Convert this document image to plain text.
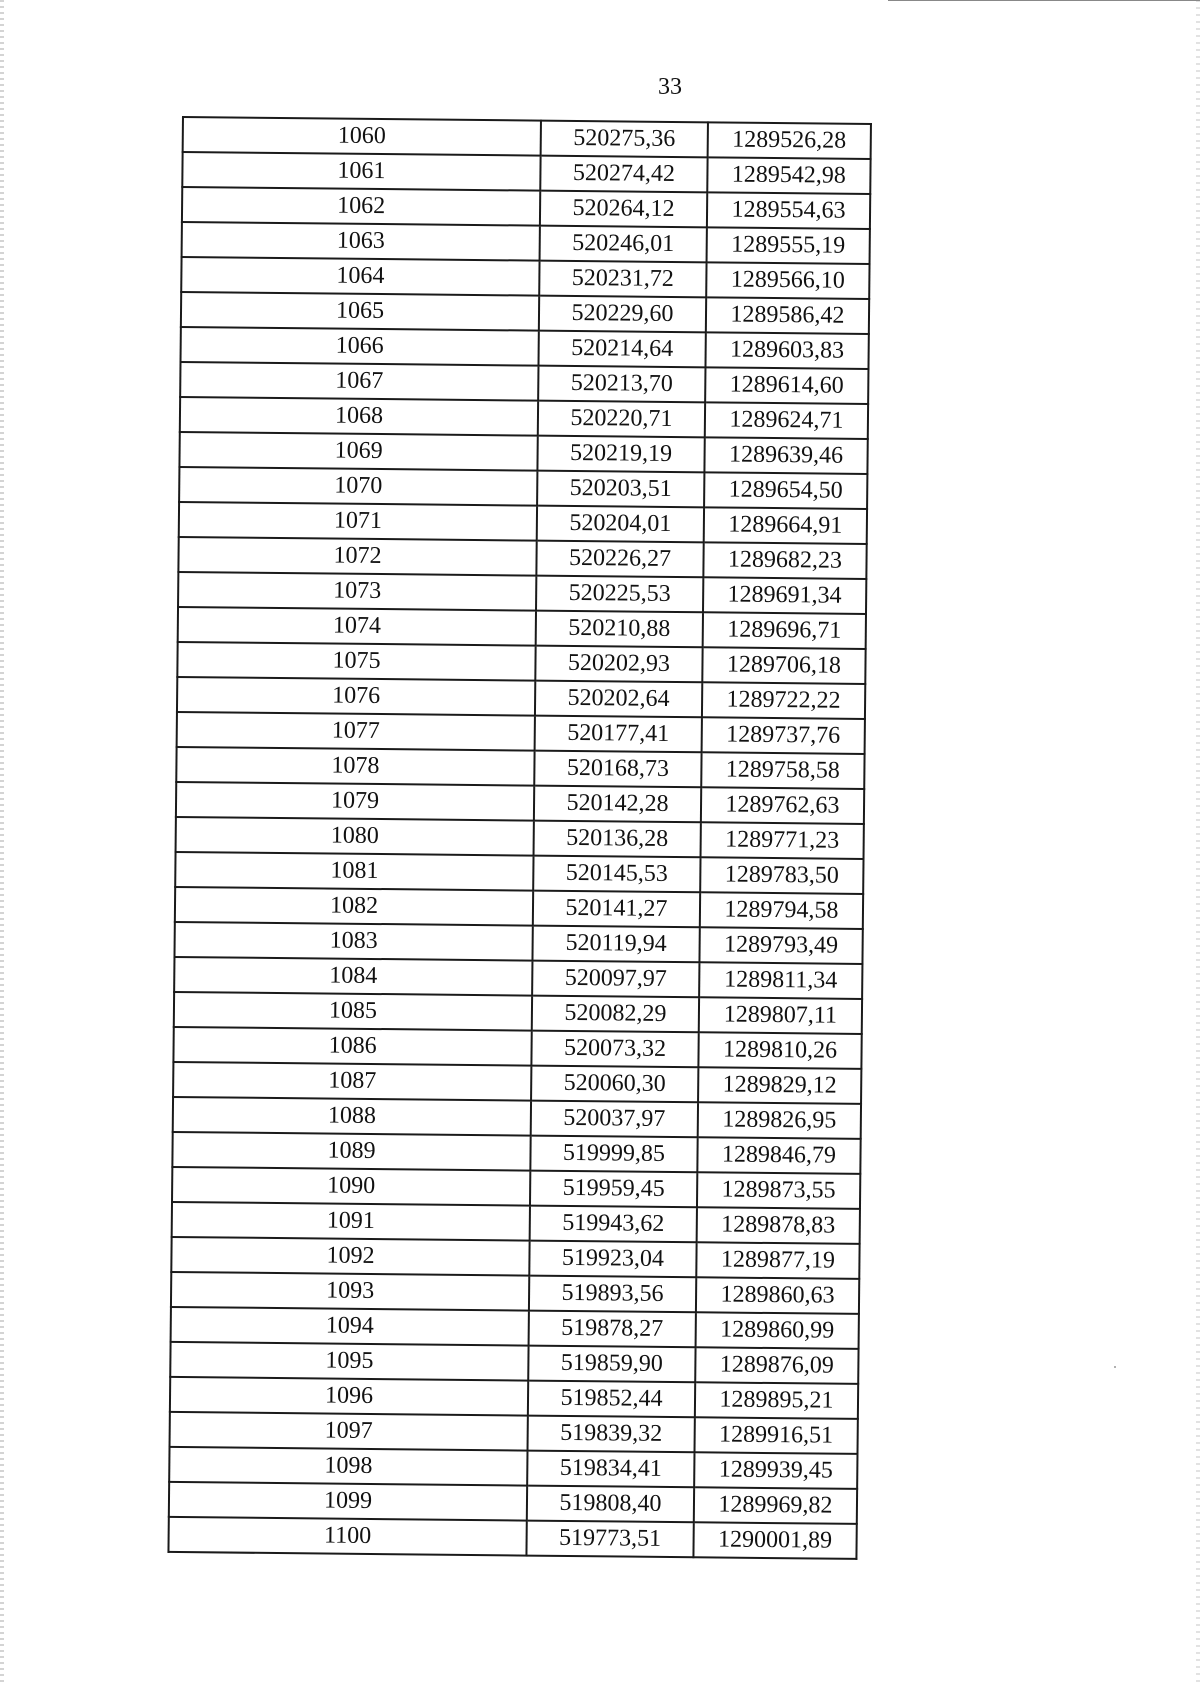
33
1060	520275,36	1289526,28
1061	520274,42	1289542,98
1062	520264,12	1289554,63
1063	520246,01	1289555,19
1064	520231,72	1289566,10
1065	520229,60	1289586,42
1066	520214,64	1289603,83
1067	520213,70	1289614,60
1068	520220,71	1289624,71
1069	520219,19	1289639,46
1070	520203,51	1289654,50
1071	520204,01	1289664,91
1072	520226,27	1289682,23
1073	520225,53	1289691,34
1074	520210,88	1289696,71
1075	520202,93	1289706,18
1076	520202,64	1289722,22
1077	520177,41	1289737,76
1078	520168,73	1289758,58
1079	520142,28	1289762,63
1080	520136,28	1289771,23
1081	520145,53	1289783,50
1082	520141,27	1289794,58
1083	520119,94	1289793,49
1084	520097,97	1289811,34
1085	520082,29	1289807,11
1086	520073,32	1289810,26
1087	520060,30	1289829,12
1088	520037,97	1289826,95
1089	519999,85	1289846,79
1090	519959,45	1289873,55
1091	519943,62	1289878,83
1092	519923,04	1289877,19
1093	519893,56	1289860,63
1094	519878,27	1289860,99
1095	519859,90	1289876,09
1096	519852,44	1289895,21
1097	519839,32	1289916,51
1098	519834,41	1289939,45
1099	519808,40	1289969,82
1100	519773,51	1290001,89
